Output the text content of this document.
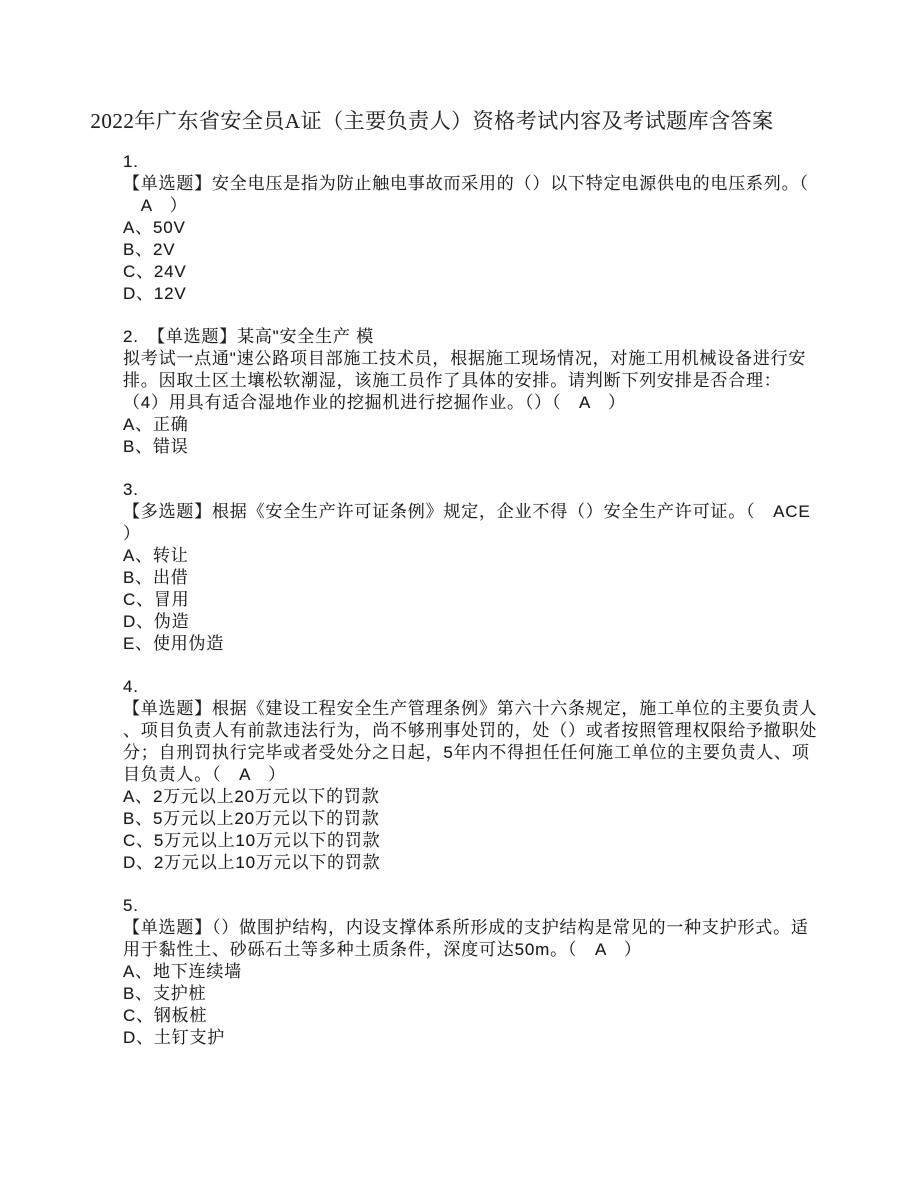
2022年广东省安全员A证（主要负责人）资格考试内容及考试题库含答案
1.
【单选题】安全电压是指为防止触电事故而采用的（）以下特定电源供电的电压系列。（
　A　）
A、50V
B、2V
C、24V
D、12V
2.　【单选题】某高"安全生产 模
拟考试一点通"速公路项目部施工技术员，根据施工现场情况，对施工用机械设备进行安
排。因取土区土壤松软潮湿，该施工员作了具体的安排。请判断下列安排是否合理：
（4）用具有适合湿地作业的挖掘机进行挖掘作业。（）（　A　）
A、正确
B、错误
3.
【多选题】根据《安全生产许可证条例》规定，企业不得（）安全生产许可证。（　ACE
）
A、转让
B、出借
C、冒用
D、伪造
E、使用伪造
4.
【单选题】根据《建设工程安全生产管理条例》第六十六条规定，施工单位的主要负责人
、项目负责人有前款违法行为，尚不够刑事处罚的，处（）或者按照管理权限给予撤职处
分；自刑罚执行完毕或者受处分之日起，5年内不得担任任何施工单位的主要负责人、项
目负责人。（　A　）
A、2万元以上20万元以下的罚款
B、5万元以上20万元以下的罚款
C、5万元以上10万元以下的罚款
D、2万元以上10万元以下的罚款
5.
【单选题】（）做围护结构，内设支撑体系所形成的支护结构是常见的一种支护形式。适
用于黏性土、砂砾石土等多种土质条件，深度可达50m。（　A　）
A、地下连续墙
B、支护桩
C、钢板桩
D、土钉支护
